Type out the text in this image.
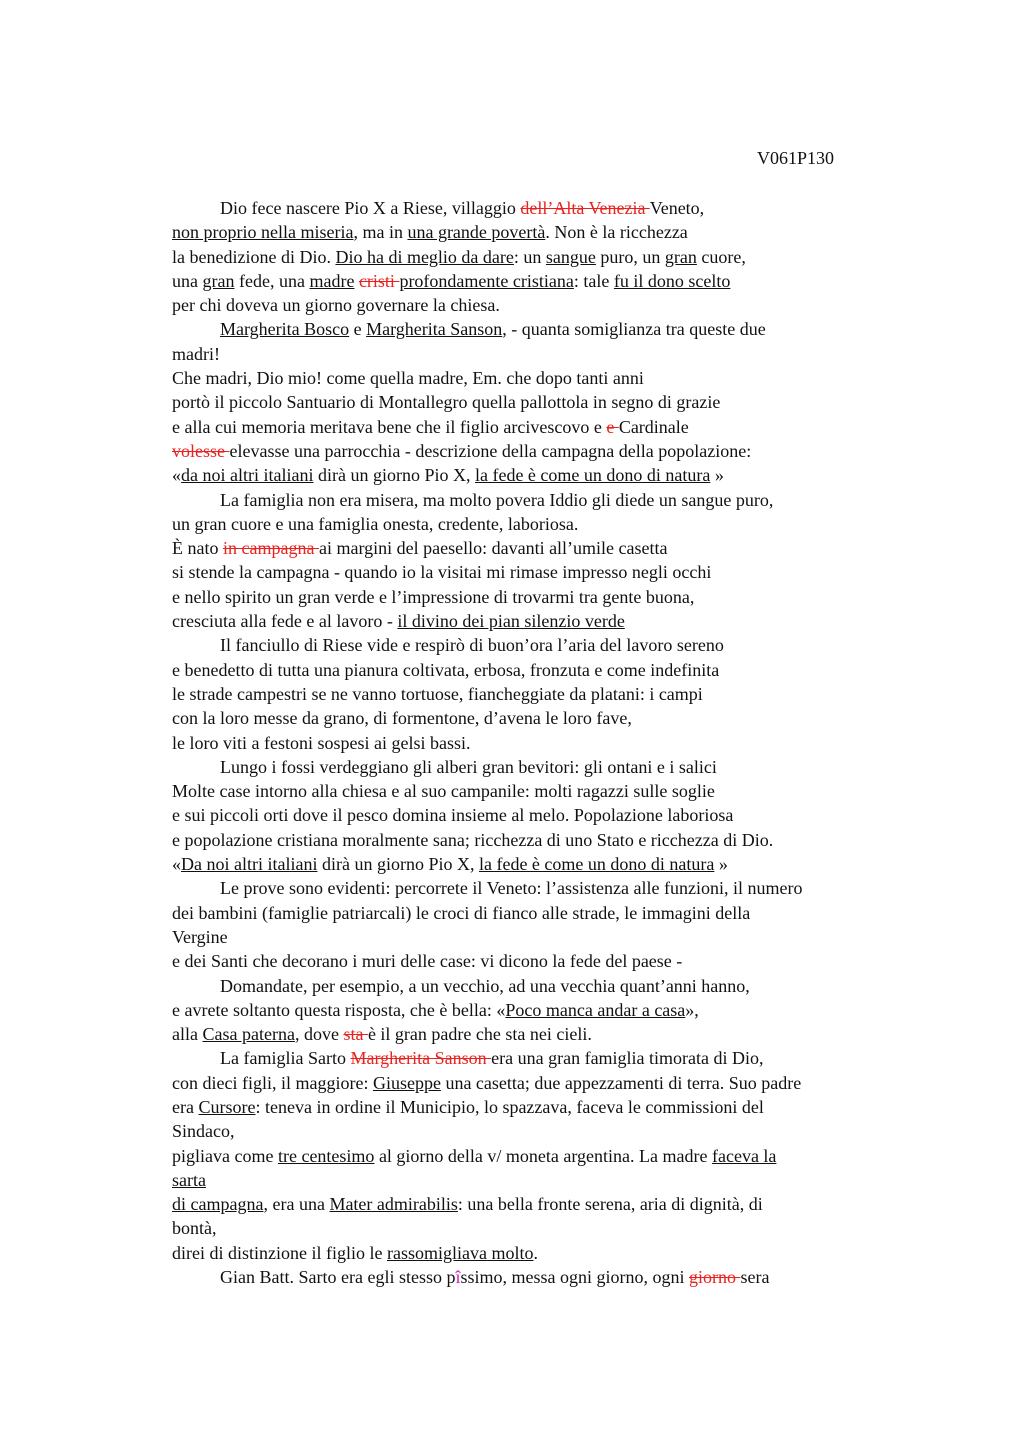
V061P130
Dio fece nascere Pio X a Riese, villaggio dell’Alta Venezia Veneto,
non proprio nella miseria, ma in una grande povertà. Non è la ricchezza
la benedizione di Dio. Dio ha di meglio da dare: un sangue puro, un gran cuore,
una gran fede, una madre cristi profondamente cristiana: tale fu il dono scelto
per chi doveva un giorno governare la chiesa.
Margherita Bosco e Margherita Sanson, - quanta somiglianza tra queste due
madri!
Che madri, Dio mio! come quella madre, Em. che dopo tanti anni
portò il piccolo Santuario di Montallegro quella pallottola in segno di grazie
e alla cui memoria meritava bene che il figlio arcivescovo e e Cardinale
volesse elevasse una parrocchia - descrizione della campagna della popolazione:
«da noi altri italiani dirà un giorno Pio X, la fede è come un dono di natura »
La famiglia non era misera, ma molto povera Iddio gli diede un sangue puro,
un gran cuore e una famiglia onesta, credente, laboriosa.
È nato in campagna ai margini del paesello: davanti all’umile casetta
si stende la campagna - quando io la visitai mi rimase impresso negli occhi
e nello spirito un gran verde e l’impressione di trovarmi tra gente buona,
cresciuta alla fede e al lavoro - il divino dei pian silenzio verde
Il fanciullo di Riese vide e respirò di buon’ora l’aria del lavoro sereno
e benedetto di tutta una pianura coltivata, erbosa, fronzuta e come indefinita
le strade campestri se ne vanno tortuose, fiancheggiate da platani: i campi
con la loro messe da grano, di formentone, d’avena le loro fave,
le loro viti a festoni sospesi ai gelsi bassi.
Lungo i fossi verdeggiano gli alberi gran bevitori: gli ontani e i salici
Molte case intorno alla chiesa e al suo campanile: molti ragazzi sulle soglie
e sui piccoli orti dove il pesco domina insieme al melo. Popolazione laboriosa
e popolazione cristiana moralmente sana; ricchezza di uno Stato e ricchezza di Dio.
«Da noi altri italiani dirà un giorno Pio X, la fede è come un dono di natura »
Le prove sono evidenti: percorrete il Veneto: l’assistenza alle funzioni, il numero
dei bambini (famiglie patriarcali) le croci di fianco alle strade, le immagini della
Vergine
e dei Santi che decorano i muri delle case: vi dicono la fede del paese -
Domandate, per esempio, a un vecchio, ad una vecchia quant’anni hanno,
e avrete soltanto questa risposta, che è bella: «Poco manca andar a casa»,
alla Casa paterna, dove sta è il gran padre che sta nei cieli.
La famiglia Sarto Margherita Sanson era una gran famiglia timorata di Dio,
con dieci figli, il maggiore: Giuseppe una casetta; due appezzamenti di terra. Suo padre
era Cursore: teneva in ordine il Municipio, lo spazzava, faceva le commissioni del
Sindaco,
pigliava come tre centesimo al giorno della v/ moneta argentina. La madre faceva la
sarta
di campagna, era una Mater admirabilis: una bella fronte serena, aria di dignità, di
bontà,
direi di distinzione il figlio le rassomigliava molto.
Gian Batt. Sarto era egli stesso pîssimo, messa ogni giorno, ogni giorno sera
